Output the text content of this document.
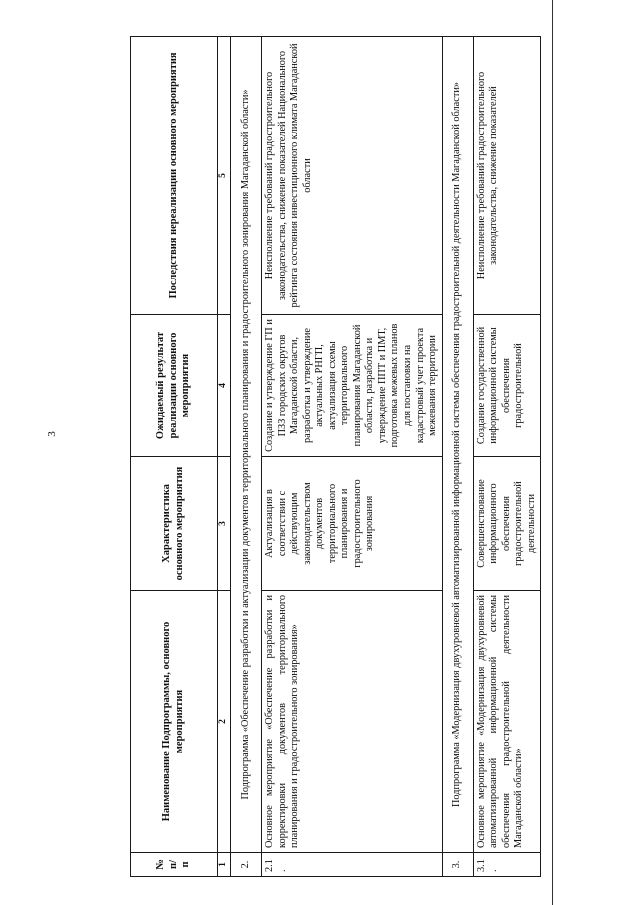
3
№ п/п	Наименование Подпрограммы, основного мероприятия	Характеристика основного мероприятия	Ожидаемый результат реализации основного мероприятия	Последствия нереализации основного мероприятия
1	2	3	4	5
2.	Подпрограмма «Обеспечение разработки и актуализации документов территориального планирования и градостроительного зонирования Магаданской области»			
2.1.	Основное мероприятие «Обеспечение разработки и корректировки документов территориального планирования и градостроительного зонирования»	Актуализация в соответствии с действующим законодательством документов территориального планирования и градостроительного зонирования	Создание и утверждение ГП и ПЗЗ городских округов Магаданской области, разработка и утверждение актуальных РНГП, актуализация схемы территориального планирования Магаданской области, разработка и утверждение ППТ и ПМТ, подготовка межевых планов для постановки на кадастровый учет проекта межевания территории	Неисполнение требований градостроительного законодательства, снижение показателей Национального рейтинга состояния инвестиционного климата Магаданской области
3.	Подпрограмма «Модернизация двухуровневой автоматизированной информационной системы обеспечения градостроительной деятельности Магаданской области»			
3.1.	Основное мероприятие «Модернизация двухуровневой автоматизированной информационной системы обеспечения градостроительной деятельности Магаданской области»	Совершенствование информационного обеспечения градостроительной деятельности	Создание государственной информационной системы обеспечения градостроительной	Неисполнение требований градостроительного законодательства, снижение показателей
